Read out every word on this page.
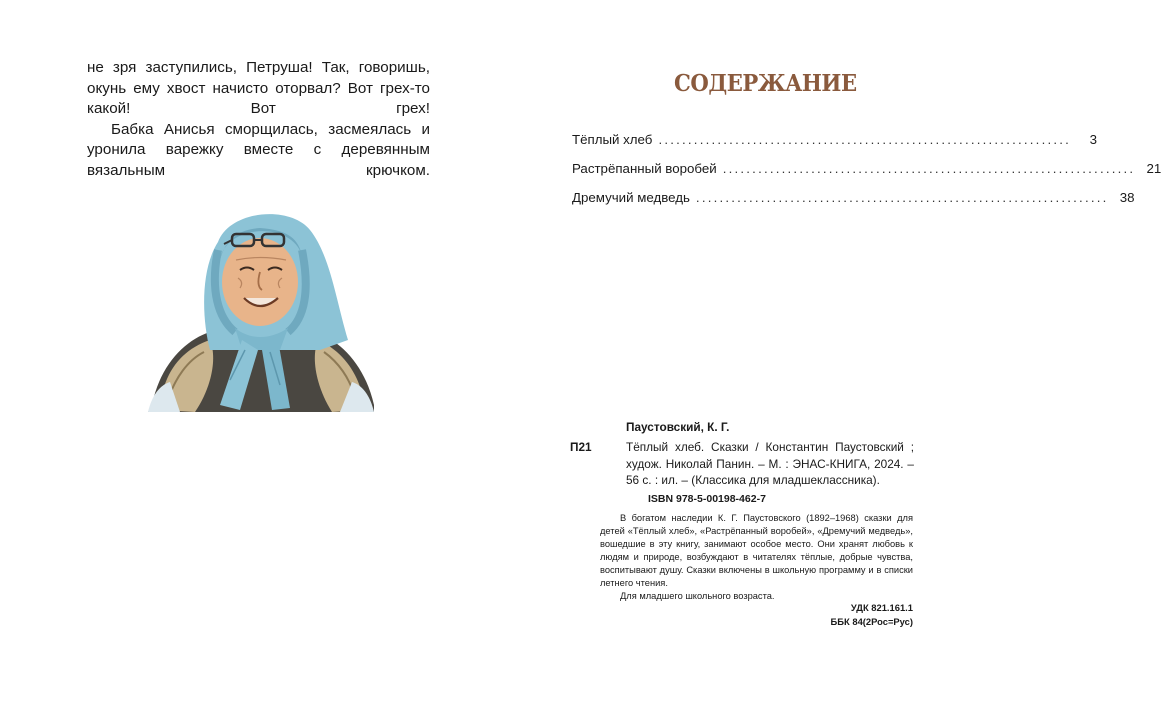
не зря заступились, Петруша! Так, говоришь, окунь ему хвост начисто оторвал? Вот грех-то какой! Вот грех!

Бабка Анисья сморщилась, засмеялась и уронила варежку вместе с деревянным вязальным крючком.

СОДЕРЖАНИЕ
Тёплый хлеб ......................................................................	3
Растрёпанный воробей ...................................................................... 21
Дремучий медведь ...................................................................... 38
Паустовский, К. Г.
П21	Тёплый хлеб. Сказки / Константин Паустовский ; худож. Николай Панин. – М. : ЭНАС-КНИГА, 2024. – 56 с. : ил. – (Классика для младшеклассника).
ISBN 978-5-00198-462-7

В богатом наследии К. Г. Паустовского (1892–1968) сказки для детей «Тёплый хлеб», «Растрёпанный воробей», «Дремучий медведь», вошедшие в эту книгу, занимают особое место. Они хранят любовь к людям и природе, возбуждают в читателях тёплые, добрые чувства, воспитывают душу. Сказки включены в школьную программу и в списки летнего чтения.

Для младшего школьного возраста.

УДК 821.161.1
ББК 84(2Рос=Рус)
